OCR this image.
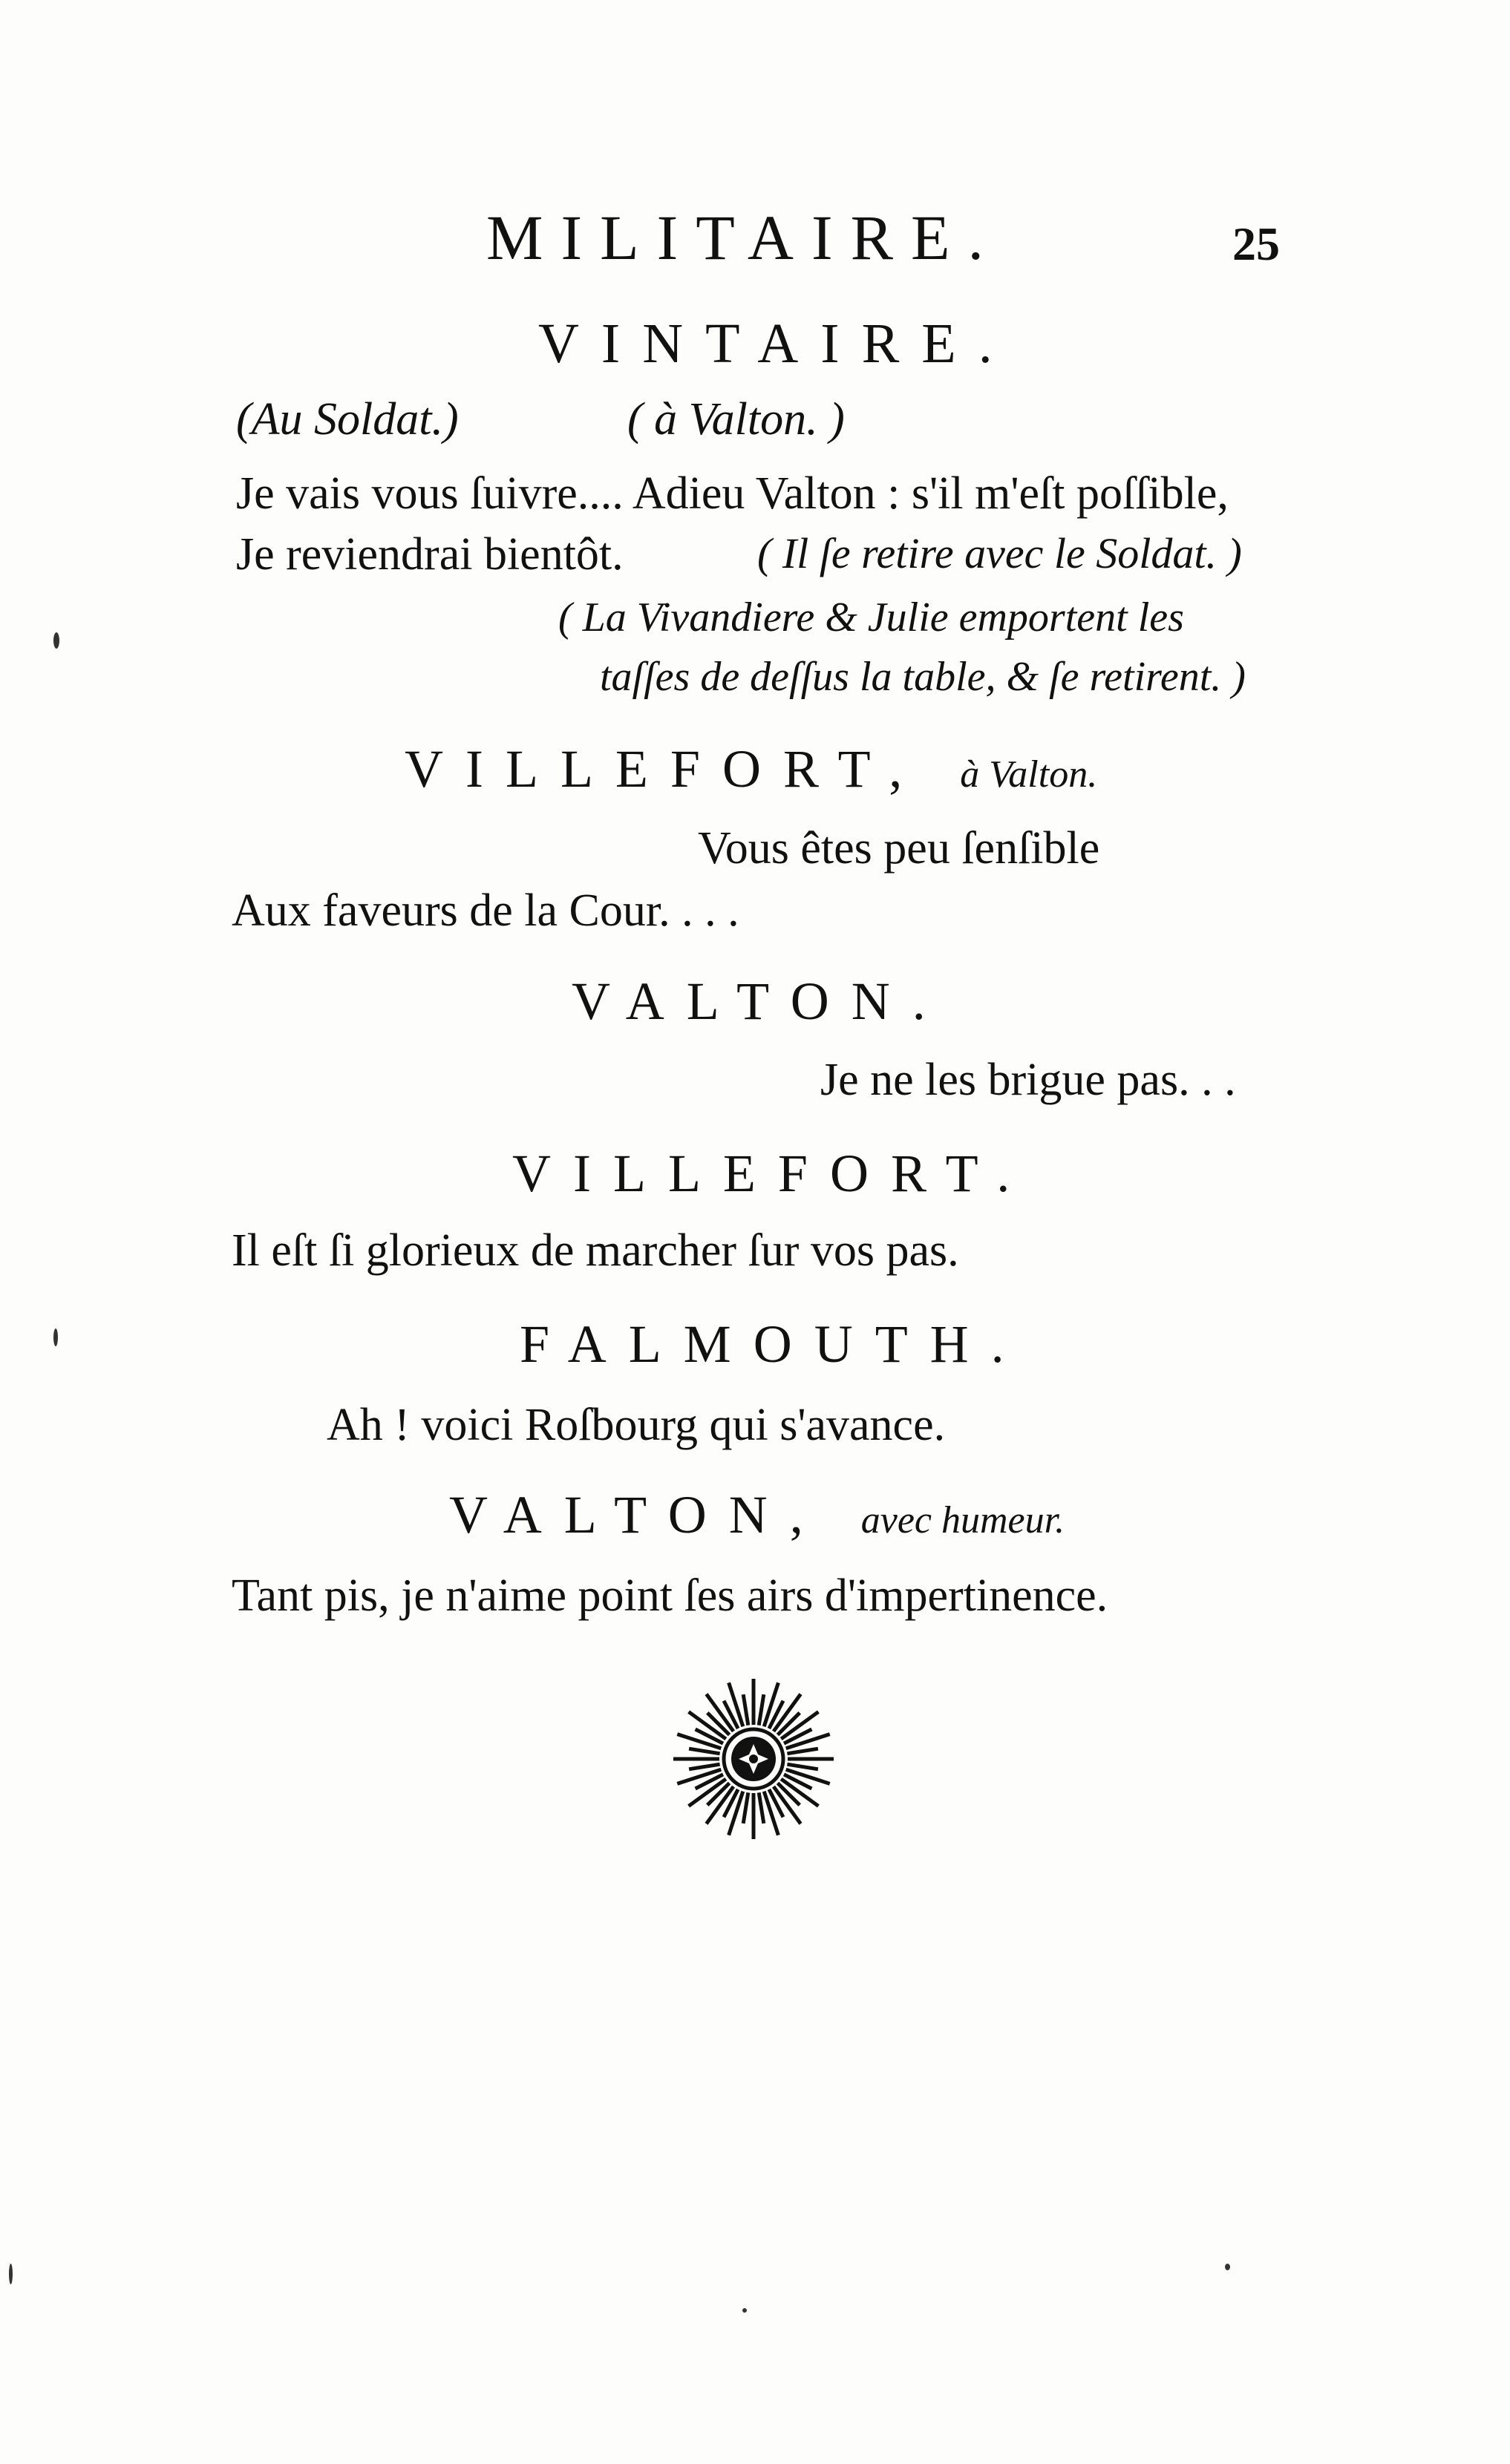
MILITAIRE.	25
VINTAIRE.
(Au Soldat.)	( à Valton. )
Je vais vous ſuivre.... Adieu Valton : s'il m'eſt poſſible,
Je reviendrai bientôt.	( Il ſe retire avec le Soldat. )
( La Vivandiere & Julie emportent les
taſſes de deſſus la table, & ſe retirent. )
VILLEFORT, à Valton.
Vous êtes peu ſenſible
Aux faveurs de la Cour. . . .
VALTON.
Je ne les brigue pas. . .
VILLEFORT.
Il eſt ſi glorieux de marcher ſur vos pas.
FALMOUTH.
Ah ! voici Roſbourg qui s'avance.
VALTON, avec humeur.
Tant pis, je n'aime point ſes airs d'impertinence.
